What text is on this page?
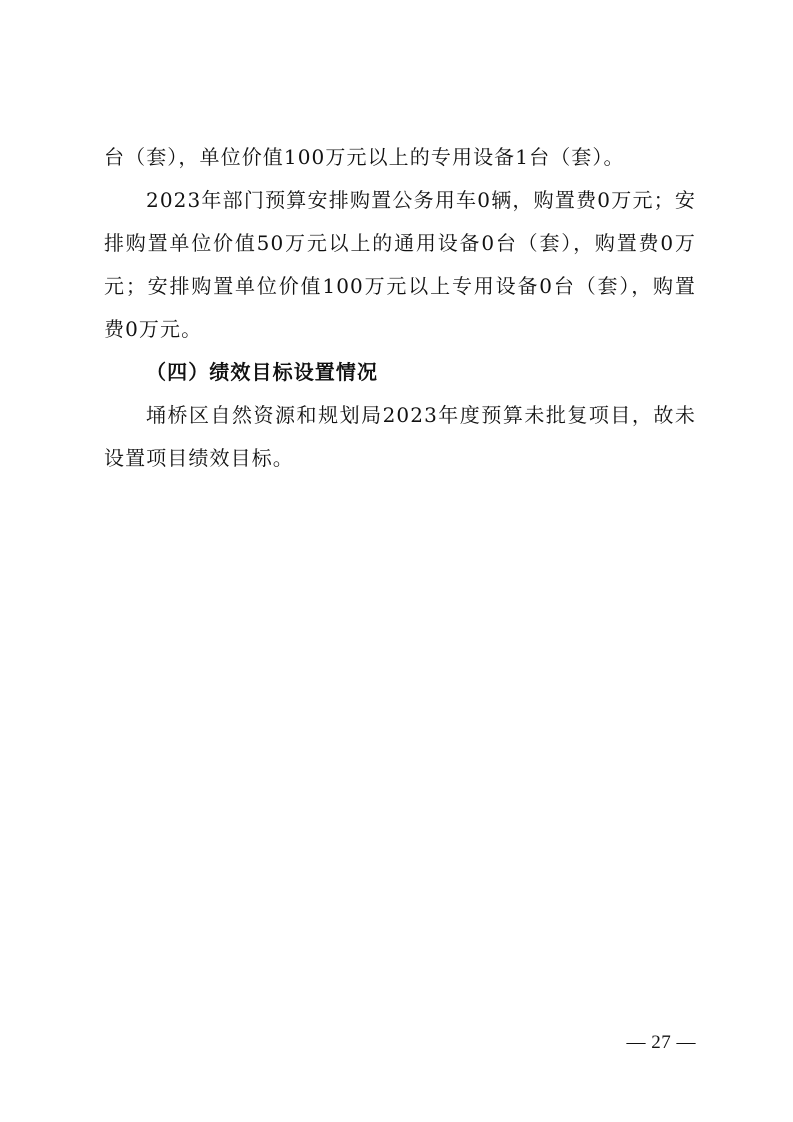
台（套），单位价值100万元以上的专用设备1台（套）。

2023年部门预算安排购置公务用车0辆，购置费0万元；安排购置单位价值50万元以上的通用设备0台（套），购置费0万元；安排购置单位价值100万元以上专用设备0台（套），购置费0万元。

（四）绩效目标设置情况

埇桥区自然资源和规划局2023年度预算未批复项目，故未设置项目绩效目标。

— 27 —
